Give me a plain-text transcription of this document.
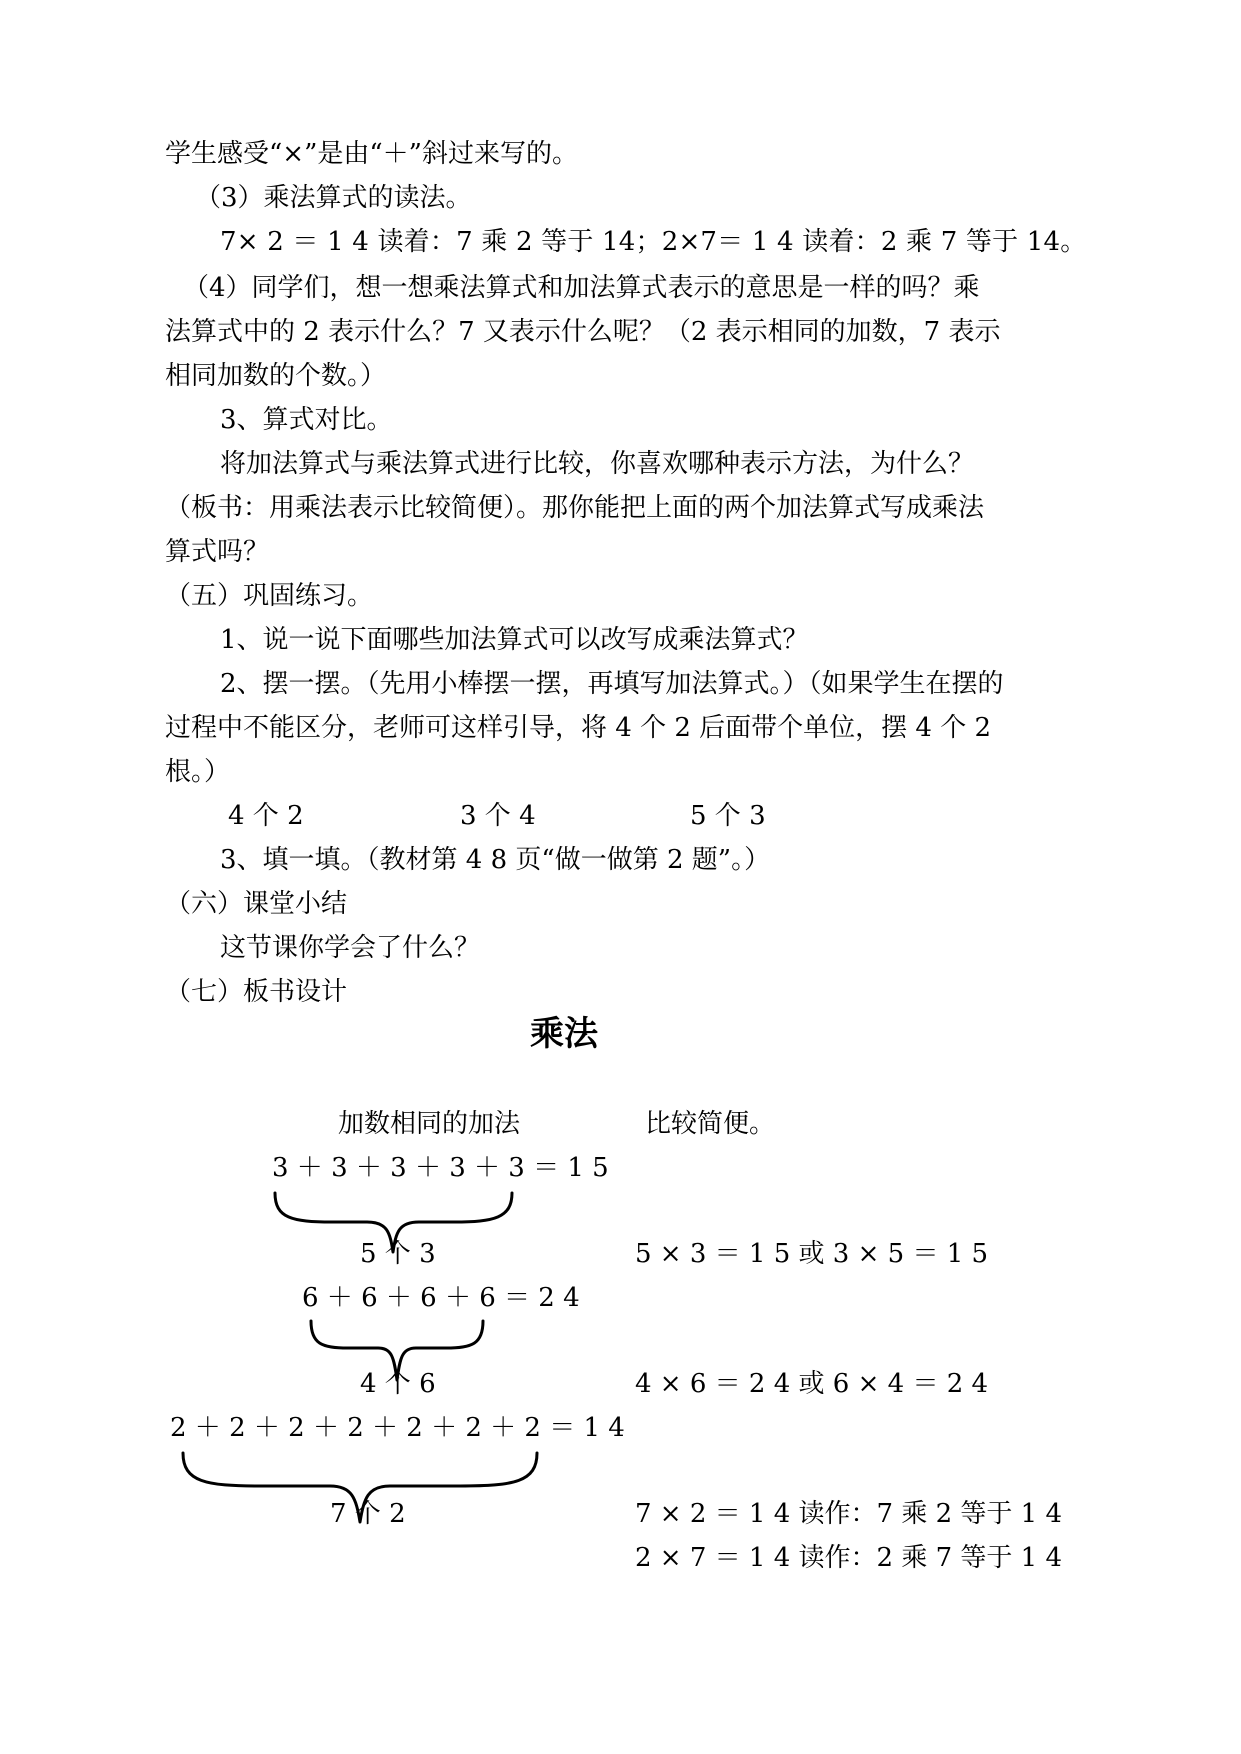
学生感受“×”是由“＋”斜过来写的。
（3）乘法算式的读法。
7× 2 ＝ 1 4 读着：7 乘 2 等于 14；2×7＝ 1 4 读着：2 乘 7 等于 14。
（4）同学们，想一想乘法算式和加法算式表示的意思是一样的吗？乘
法算式中的 2 表示什么？7 又表示什么呢？（2 表示相同的加数，7 表示
相同加数的个数。）
3、算式对比。
将加法算式与乘法算式进行比较，你喜欢哪种表示方法，为什么？
（板书：用乘法表示比较简便）。那你能把上面的两个加法算式写成乘法
算式吗？
（五）巩固练习。
1、说一说下面哪些加法算式可以改写成乘法算式？
2、摆一摆。（先用小棒摆一摆，再填写加法算式。）（如果学生在摆的
过程中不能区分，老师可这样引导，将 4 个 2 后面带个单位，摆 4 个 2
根。）
4 个 2	3 个 4	5 个 3
3、填一填。（教材第 4 8 页“做一做第 2 题”。）
（六）课堂小结
这节课你学会了什么？
（七）板书设计
乘法
加数相同的加法	比较简便。
3 ＋ 3 ＋ 3 ＋ 3 ＋ 3 ＝ 1 5
5 个 3	5 × 3 ＝ 1 5 或 3 × 5 ＝ 1 5
6 ＋ 6 ＋ 6 ＋ 6 ＝ 2 4
4 个 6	4 × 6 ＝ 2 4 或 6 × 4 ＝ 2 4
2 ＋ 2 ＋ 2 ＋ 2 ＋ 2 ＋ 2 ＋ 2 ＝ 1 4
7 个 2	7 × 2 ＝ 1 4 读作：7 乘 2 等于 1 4
2 × 7 ＝ 1 4 读作：2 乘 7 等于 1 4
